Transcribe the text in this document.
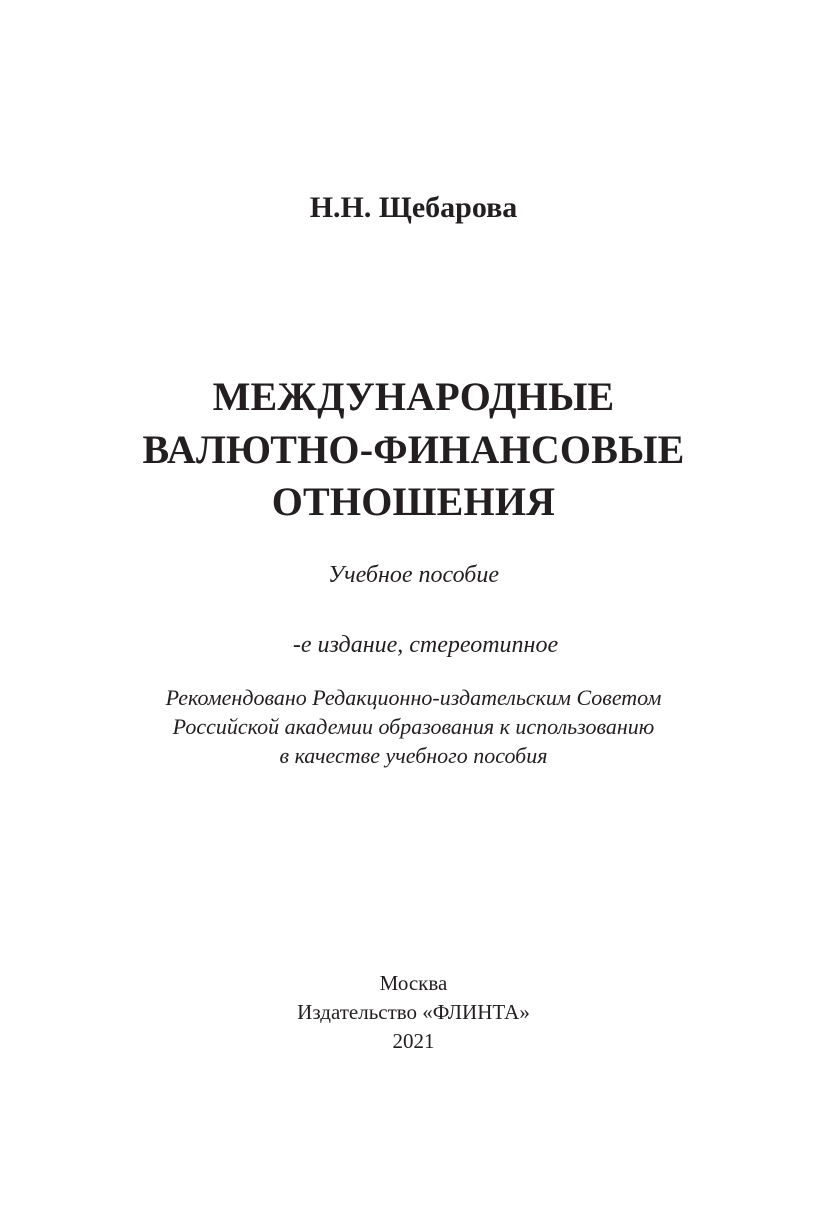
Н.Н. Щебарова

МЕЖДУНАРОДНЫЕ

ВАЛЮТНО-ФИНАНСОВЫЕ

ОТНОШЕНИЯ

Учебное пособие

-е издание, стереотипное

Рекомендовано Редакционно-издательским Советом

Российской академии образования к использованию

в качестве учебного пособия

Москва

Издательство «ФЛИНТА»

2021
